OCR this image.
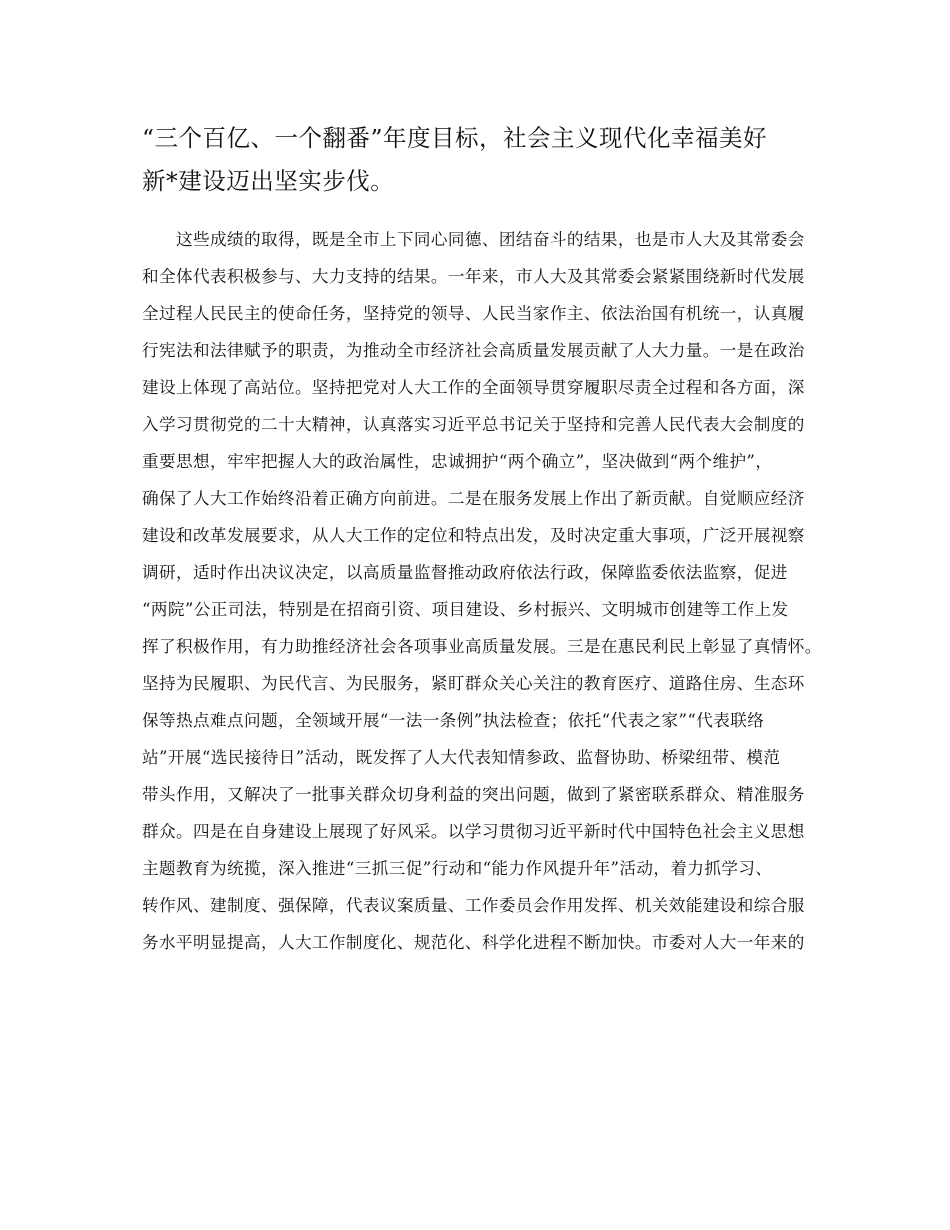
“三个百亿、一个翻番”年度目标，社会主义现代化幸福美好
新*建设迈出坚实步伐。
　　这些成绩的取得，既是全市上下同心同德、团结奋斗的结果，也是市人大及其常委会
和全体代表积极参与、大力支持的结果。一年来，市人大及其常委会紧紧围绕新时代发展
全过程人民民主的使命任务，坚持党的领导、人民当家作主、依法治国有机统一，认真履
行宪法和法律赋予的职责，为推动全市经济社会高质量发展贡献了人大力量。一是在政治
建设上体现了高站位。坚持把党对人大工作的全面领导贯穿履职尽责全过程和各方面，深
入学习贯彻党的二十大精神，认真落实习近平总书记关于坚持和完善人民代表大会制度的
重要思想，牢牢把握人大的政治属性，忠诚拥护“两个确立”，坚决做到“两个维护”，
确保了人大工作始终沿着正确方向前进。二是在服务发展上作出了新贡献。自觉顺应经济
建设和改革发展要求，从人大工作的定位和特点出发，及时决定重大事项，广泛开展视察
调研，适时作出决议决定，以高质量监督推动政府依法行政，保障监委依法监察，促进
“两院”公正司法，特别是在招商引资、项目建设、乡村振兴、文明城市创建等工作上发
挥了积极作用，有力助推经济社会各项事业高质量发展。三是在惠民利民上彰显了真情怀。
坚持为民履职、为民代言、为民服务，紧盯群众关心关注的教育医疗、道路住房、生态环
保等热点难点问题，全领域开展“一法一条例”执法检查；依托“代表之家”“代表联络
站”开展“选民接待日”活动，既发挥了人大代表知情参政、监督协助、桥梁纽带、模范
带头作用，又解决了一批事关群众切身利益的突出问题，做到了紧密联系群众、精准服务
群众。四是在自身建设上展现了好风采。以学习贯彻习近平新时代中国特色社会主义思想
主题教育为统揽，深入推进“三抓三促”行动和“能力作风提升年”活动，着力抓学习、
转作风、建制度、强保障，代表议案质量、工作委员会作用发挥、机关效能建设和综合服
务水平明显提高，人大工作制度化、规范化、科学化进程不断加快。市委对人大一年来的
